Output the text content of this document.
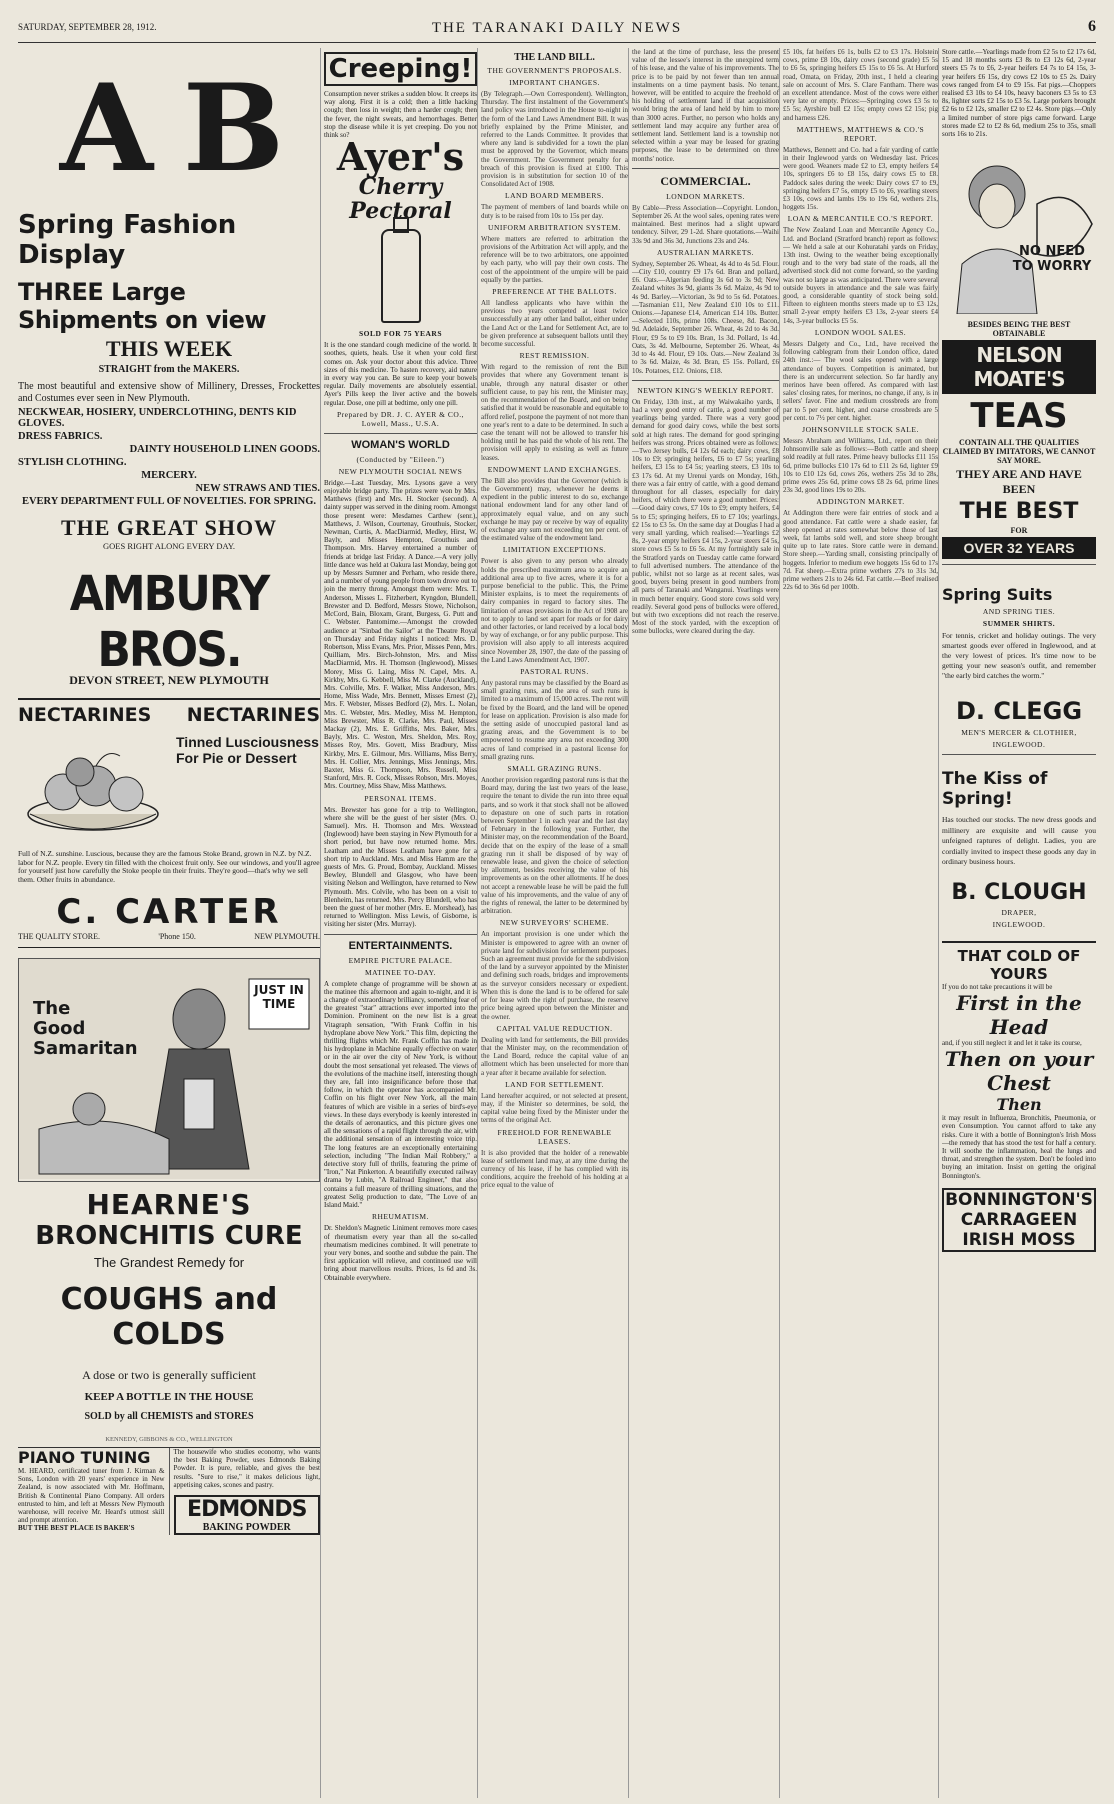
SATURDAY, SEPTEMBER 28, 1912.	THE TARANAKI DAILY NEWS	6
A B
Spring Fashion Display
THREE Large Shipments on view
THIS WEEK
STRAIGHT from the MAKERS.
The most beautiful and extensive show of Millinery, Dresses, Frockettes and Costumes ever seen in New Plymouth.
NECKWEAR, HOSIERY, UNDERCLOTHING, DENTS KID GLOVES.
DRESS FABRICS.
DAINTY HOUSEHOLD LINEN GOODS.
STYLISH CLOTHING.
MERCERY.
NEW STRAWS AND TIES.
EVERY DEPARTMENT FULL OF NOVELTIES. FOR SPRING.
THE GREAT SHOW
GOES RIGHT ALONG EVERY DAY.
AMBURY BROS.
DEVON STREET, NEW PLYMOUTH
NECTARINES NECTARINES
Tinned Lusciousness For Pie or Dessert
Full of N.Z. sunshine. Luscious, because they are the famous Stoke Brand, grown in N.Z. by N.Z. labor for N.Z. people. Every tin filled with the choicest fruit only. See our windows, and you'll agree for yourself just how carefully the Stoke people tin their fruits. They're good—that's why we sell them. Other fruits in abundance.
C. CARTER
THE QUALITY STORE.	'Phone 150.	NEW PLYMOUTH.
The Good Samaritan
JUST IN TIME
HEARNE'S
BRONCHITIS CURE
The Grandest Remedy for
COUGHS and COLDS
A dose or two is generally sufficient
KEEP A BOTTLE IN THE HOUSE
SOLD by all CHEMISTS and STORES
KENNEDY, GIBBONS & CO., WELLINGTON
PIANO TUNING
M. HEARD, certificated tuner from J. Kirman & Sons, London with 20 years' experience in New Zealand, is now associated with Mr. Hoffmann, British & Continental Piano Company. All orders entrusted to him, and left at Messrs New Plymouth warehouse, will receive Mr. Heard's utmost skill and prompt attention.
BUT THE BEST PLACE IS BAKER'S
The housewife who studies economy, who wants the best Baking Powder, uses Edmonds Baking Powder. It is pure, reliable, and gives the best results. "Sure to rise," it makes delicious light, appetising cakes, scones and pastry.
EDMONDS
BAKING POWDER
Creeping!
Consumption never strikes a sudden blow. It creeps its way along. First it is a cold; then a little hacking cough; then loss in weight; then a harder cough; then the fever, the night sweats, and hemorrhages. Better stop the disease while it is yet creeping. Do you not think so?
Ayer's
Cherry Pectoral
SOLD FOR 75 YEARS
It is the one standard cough medicine of the world. It soothes, quiets, heals. Use it when your cold first comes on. Ask your doctor about this advice. Three sizes of this medicine. To hasten recovery, aid nature in every way you can. Be sure to keep your bowels regular. Daily movements are absolutely essential. Ayer's Pills keep the liver active and the bowels regular. Dose, one pill at bedtime, only one pill.
Prepared by DR. J. C. AYER & CO., Lowell, Mass., U.S.A.
WOMAN'S WORLD
(Conducted by "Eileen.")
NEW PLYMOUTH SOCIAL NEWS
Bridge.—Last Tuesday, Mrs. Lysons gave a very enjoyable bridge party. The prizes were won by Mrs. Matthews (first) and Mrs. H. Stocker (second). A dainty supper was served in the dining room. Amongst those present were: Mesdames Carthew (senr.), Matthews, J. Wilson, Courtenay, Grouthuis, Stocker, Newman, Curtis, A. MacDiarmid, Medley, Hirst, W. Bayly, and Misses Hempton, Grouthuis and Thompson. Mrs. Harvey entertained a number of friends at bridge last Friday. A Dance.—A very jolly little dance was held at Oakura last Monday, being got up by Messrs Sumner and Perham, who reside there, and a number of young people from town drove out to join the merry throng. Amongst them were: Mrs. T. Anderson, Misses L. Fitzherbert, Kyngdon, Blundell, Brewster and D. Bedford, Messrs Stowe, Nicholson, McCord, Bain, Bloxam, Grant, Burgess, G. Putt and C. Webster. Pantomime.—Amongst the crowded audience at "Sinbad the Sailor" at the Theatre Royal on Thursday and Friday nights I noticed: Mrs. D. Robertson, Miss Evans, Mrs. Prior, Misses Penn, Mrs. Quilliam, Mrs. Birch-Johnston, Mrs. and Miss MacDiarmid, Mrs. H. Thomson (Inglewood), Misses Morey, Miss G. Laing, Miss N. Capel, Mrs. A. Kirkby, Mrs. G. Kebbell, Miss M. Clarke (Auckland), Mrs. Colville, Mrs. F. Walker, Miss Anderson, Mrs. Home, Miss Wade, Mrs. Bennett, Misses Ernest (2), Mrs. F. Webster, Misses Bedford (2), Mrs. L. Nolan, Mrs. C. Webster, Mrs. Medley, Miss M. Hempton, Miss Brewster, Miss R. Clarke, Mrs. Paul, Misses Mackay (2), Mrs. E. Griffiths, Mrs. Baker, Mrs. Bayly, Mrs. C. Weston, Mrs. Sheldon, Mrs. Roy, Misses Roy, Mrs. Govett, Miss Bradbury, Miss Kirkby, Mrs. E. Gilmour, Mrs. Williams, Miss Berry, Mrs. H. Collier, Mrs. Jennings, Miss Jennings, Mrs. Baxter, Miss G. Thompson, Mrs. Russell, Miss Stanford, Mrs. R. Cock, Misses Robson, Mrs. Moyes, Mrs. Courtney, Miss Shaw, Miss Matthews.
PERSONAL ITEMS.
Mrs. Brewster has gone for a trip to Wellington, where she will be the guest of her sister (Mrs. O. Samuel). Mrs. H. Thomson and Mrs. Wexstead (Inglewood) have been staying in New Plymouth for a short period, but have now returned home. Mrs. Leatham and the Misses Leatham have gone for a short trip to Auckland. Mrs. and Miss Hamm are the guests of Mrs. G. Proud, Bombay, Auckland. Misses Bewley, Blundell and Glasgow, who have been visiting Nelson and Wellington, have returned to New Plymouth. Mrs. Colvile, who has been on a visit to Blenheim, has returned. Mrs. Percy Blundell, who has been the guest of her mother (Mrs. E. Morshead), has returned to Wellington. Miss Lewis, of Gisborne, is visiting her sister (Mrs. Murray).
ENTERTAINMENTS.
EMPIRE PICTURE PALACE.
MATINEE TO-DAY.
A complete change of programme will be shown at the matinee this afternoon and again to-night, and it is a change of extraordinary brilliancy, something fear of the greatest "star" attractions ever imported into the Dominion. Prominent on the new list is a great Vitagraph sensation, "With Frank Coffin in his hydroplane above New York." This film, depicting the thrilling flights which Mr. Frank Coffin has made in his hydroplane in Machine equally effective on water or in the air over the city of New York, is without doubt the most sensational yet released. The views of the evolutions of the machine itself, interesting though they are, fall into insignificance before those that follow, in which the operator has accompanied Mr. Coffin on his flight over New York, all the main features of which are visible in a series of bird's-eye views. In these days everybody is keenly interested in the details of aeronautics, and this picture gives one all the sensations of a rapid flight through the air, with the additional sensation of an interesting voice trip. The long features are an exceptionally entertaining selection, including "The Indian Mail Robbery," a detective story full of thrills, featuring the prime of "Iron," Nat Pinkerton. A beautifully executed railway drama by Lubin, "A Railroad Engineer," that also contains a full measure of thrilling situations, and the greatest Selig production to date, "The Love of an Island Maid."
RHEUMATISM.
Dr. Sheldon's Magnetic Liniment removes more cases of rheumatism every year than all the so-called rheumatism medicines combined. It will penetrate to your very bones, and soothe and subdue the pain. The first application will relieve, and continued use will bring about marvellous results. Prices, 1s 6d and 3s. Obtainable everywhere.
THE LAND BILL.
THE GOVERNMENT'S PROPOSALS.
IMPORTANT CHANGES.
(By Telegraph.—Own Correspondent). Wellington, Thursday. The first instalment of the Government's land policy was introduced in the House to-night in the form of the Land Laws Amendment Bill. It was briefly explained by the Prime Minister, and referred to the Lands Committee. It provides that where any land is subdivided for a town the plan must be approved by the Governor, which means the Government. The Government penalty for a breach of this provision is fixed at £100. This provision is in substitution for section 10 of the Consolidated Act of 1908.
LAND BOARD MEMBERS.
The payment of members of land boards while on duty is to be raised from 10s to 15s per day.
UNIFORM ARBITRATION SYSTEM.
Where matters are referred to arbitration the provisions of the Arbitration Act will apply, and the reference will be to two arbitrators, one appointed by each party, who will pay their own costs. The cost of the appointment of the umpire will be paid equally by the parties.
PREFERENCE AT THE BALLOTS.
All landless applicants who have within the previous two years competed at least twice unsuccessfully at any other land ballot, either under the Land Act or the Land for Settlement Act, are to be given preference at subsequent ballots until they become successful.
REST REMISSION.
With regard to the remission of rent the Bill provides that where any Government tenant is unable, through any natural disaster or other sufficient cause, to pay his rent, the Minister may, on the recommendation of the Board, and on being satisfied that it would be reasonable and equitable to afford relief, postpone the payment of not more than one year's rent to a date to be determined. In such a case the tenant will not be allowed to transfer his holding until he has paid the whole of his rent. The provision will apply to existing as well as future leases.
ENDOWMENT LAND EXCHANGES.
The Bill also provides that the Governor (which is the Government) may, whenever he deems it expedient in the public interest to do so, exchange national endowment land for any other land of approximately equal value, and on any such exchange he may pay or receive by way of equality of exchange any sum not exceeding ten per cent. of the estimated value of the endowment land.
LIMITATION EXCEPTIONS.
Power is also given to any person who already holds the prescribed maximum area to acquire an additional area up to five acres, where it is for a purpose beneficial to the public. This, the Prime Minister explains, is to meet the requirements of dairy companies in regard to factory sites. The limitation of areas provisions in the Act of 1908 are not to apply to land set apart for roads or for dairy and other factories, or land received by a local body by way of exchange, or for any public purpose. This provision will also apply to all interests acquired since November 28, 1907, the date of the passing of the Land Laws Amendment Act, 1907.
PASTORAL RUNS.
Any pastoral runs may be classified by the Board as small grazing runs, and the area of such runs is limited to a maximum of 15,000 acres. The rent will be fixed by the Board, and the land will be opened for lease on application. Provision is also made for the setting aside of unoccupied pastoral land as grazing areas, and the Government is to be empowered to resume any area not exceeding 300 acres of land comprised in a pastoral license for small grazing runs.
SMALL GRAZING RUNS.
Another provision regarding pastoral runs is that the Board may, during the last two years of the lease, require the tenant to divide the run into three equal parts, and so work it that stock shall not be allowed to depasture on one of such parts in rotation between September 1 in each year and the last day of February in the following year. Further, the Minister may, on the recommendation of the Board, decide that on the expiry of the lease of a small grazing run it shall be disposed of by way of renewable lease, and given the choice of selection by allotment, besides receiving the value of his improvements as on the other allotments. If he does not accept a renewable lease he will be paid the full value of his improvements, and the value of any of the rights of renewal, the latter to be determined by arbitration.
NEW SURVEYORS' SCHEME.
An important provision is one under which the Minister is empowered to agree with an owner of private land for subdivision for settlement purposes. Such an agreement must provide for the subdivision of the land by a surveyor appointed by the Minister and defining such roads, bridges and improvements as the surveyor considers necessary or expedient. When this is done the land is to be offered for sale or for lease with the right of purchase, the reserve price being agreed upon between the Minister and the owner.
CAPITAL VALUE REDUCTION.
Dealing with land for settlements, the Bill provides that the Minister may, on the recommendation of the Land Board, reduce the capital value of an allotment which has been unselected for more than a year after it became available for selection.
LAND FOR SETTLEMENT.
Land hereafter acquired, or not selected at present, may, if the Minister so determines, be sold, the capital value being fixed by the Minister under the terms of the original Act.
FREEHOLD FOR RENEWABLE LEASES.
It is also provided that the holder of a renewable lease of settlement land may, at any time during the currency of his lease, if he has complied with its conditions, acquire the freehold of his holding at a price equal to the value of
the land at the time of purchase, less the present value of the lessee's interest in the unexpired term of his lease, and the value of his improvements. The price is to be paid by not fewer than ten annual instalments on a time payment basis. No tenant, however, will be entitled to acquire the freehold of his holding of settlement land if that acquisition would bring the area of land held by him to more than 3000 acres. Further, no person who holds any settlement land may acquire any further area of settlement land. Settlement land is a township not selected within a year may be leased for grazing purposes, the lease to be determined on three months' notice.
COMMERCIAL.
LONDON MARKETS.
By Cable—Press Association—Copyright. London, September 26. At the wool sales, opening rates were maintained. Best merinos had a slight upward tendency. Silver, 29 1-2d. Share quotations.—Waihi 33s 9d and 36s 3d, Junctions 23s and 24s.
AUSTRALIAN MARKETS.
Sydney, September 26. Wheat, 4s 4d to 4s 5d. Flour.—City £10, country £9 17s 6d. Bran and pollard, £6. Oats.—Algerian feeding 3s 6d to 3s 9d; New Zealand whites 3s 9d, giants 3s 6d. Maize, 4s 9d to 4s 9d. Barley.—Victorian, 3s 9d to 5s 6d. Potatoes.—Tasmanian £11, New Zealand £10 10s to £11. Onions.—Japanese £14, American £14 10s. Butter.—Selected 110s, prime 108s. Cheese, 8d. Bacon, 9d. Adelaide, September 26. Wheat, 4s 2d to 4s 3d. Flour, £9 5s to £9 10s. Bran, 1s 3d. Pollard, 1s 4d. Oats, 3s 4d. Melbourne, September 26. Wheat, 4s 3d to 4s 4d. Flour, £9 10s. Oats.—New Zealand 3s to 3s 6d. Maize, 4s 3d. Bran, £5 15s. Pollard, £6 10s. Potatoes, £12. Onions, £18.
NEWTON KING'S WEEKLY REPORT.
On Friday, 13th inst., at my Waiwakaiho yards, I had a very good entry of cattle, a good number of yearlings being yarded. There was a very good demand for good dairy cows, while the best sorts sold at high rates. The demand for good springing heifers was strong. Prices obtained were as follows:—Two Jersey bulls, £4 12s 6d each; dairy cows, £8 10s to £9; springing heifers, £6 to £7 5s; yearling heifers, £3 15s to £4 5s; yearling steers, £3 10s to £3 17s 6d. At my Urenui yards on Monday, 16th, there was a fair entry of cattle, with a good demand throughout for all classes, especially for dairy heifers, of which there were a good number. Prices:—Good dairy cows, £7 10s to £9; empty heifers, £4 5s to £5; springing heifers, £6 to £7 10s; yearlings, £2 15s to £3 5s. On the same day at Douglas I had a very small yarding, which realised:—Yearlings £2 8s, 2-year empty heifers £4 15s, 2-year steers £4 5s, store cows £5 5s to £6 5s. At my fortnightly sale in the Stratford yards on Tuesday cattle came forward to full advertised numbers. The attendance of the public, whilst not so large as at recent sales, was good, buyers being present in good numbers from all parts of Taranaki and Wanganui. Yearlings were in much better enquiry. Good store cows sold very readily. Several good pens of bullocks were offered, but with two exceptions did not reach the reserve. Most of the stock yarded, with the exception of some bullocks, were cleared during the day.
£5 10s, fat heifers £6 1s, bulls £2 to £3 17s. Holstein cows, prime £8 10s, dairy cows (second grade) £5 5s to £6 5s, springing heifers £5 15s to £6 5s. At Hurford road, Omata, on Friday, 20th inst., I held a clearing sale on account of Mrs. S. Clare Fantham. There was an excellent attendance. Most of the cows were either very late or empty. Prices:—Springing cows £3 5s to £5 5s; Ayrshire bull £2 15s; empty cows £2 15s; pig and harness £26.
MATTHEWS, MATTHEWS & CO.'S REPORT.
Matthews, Bennett and Co. had a fair yarding of cattle in their Inglewood yards on Wednesday last. Prices were good. Weaners made £2 to £3, empty heifers £4 10s, springers £6 to £8 15s, dairy cows £5 to £8. Paddock sales during the week: Dairy cows £7 to £9, springing heifers £7 5s, empty £5 to £6, yearling steers £3 10s, cows and lambs 19s to 19s 6d, wethers 21s, hoggets 15s.
LOAN & MERCANTILE CO.'S REPORT.
The New Zealand Loan and Mercantile Agency Co., Ltd. and Bocland (Stratford branch) report as follows:— We held a sale at our Kohuratahi yards on Friday, 13th inst. Owing to the weather being exceptionally rough and to the very bad state of the roads, all the advertised stock did not come forward, so the yarding was not so large as was anticipated. There were several outside buyers in attendance and the sale was fairly good, a considerable quantity of stock being sold. Fifteen to eighteen months steers made up to £3 12s, small 2-year empty heifers £3 13s, 2-year steers £4 14s, 3-year bullocks £5 5s.
LONDON WOOL SALES.
Messrs Dalgety and Co., Ltd., have received the following cablegram from their London office, dated 24th inst.:— The wool sales opened with a large attendance of buyers. Competition is animated, but there is an undercurrent selection. So far hardly any merinos have been offered. As compared with last sales' closing rates, for merinos, no change, if any, is in sellers' favor. Fine and medium crossbreds are from par to 5 per cent. higher, and coarse crossbreds are 5 per cent. to 7½ per cent. higher.
JOHNSONVILLE STOCK SALE.
Messrs Abraham and Williams, Ltd., report on their Johnsonville sale as follows:—Both cattle and sheep sold readily at full rates. Prime heavy bullocks £11 15s 6d, prime bullocks £10 17s 6d to £11 2s 6d, lighter £9 10s to £10 12s 6d, cows 26s, wethers 25s 3d to 28s, prime ewes 25s 6d, prime cows £8 2s 6d, prime lines 23s 3d, good lines 19s to 20s.
ADDINGTON MARKET.
At Addington there were fair entries of stock and a good attendance. Fat cattle were a shade easier, fat sheep opened at rates somewhat below those of last week, fat lambs sold well, and store sheep brought quite up to late rates. Store cattle were in demand. Store sheep.—Yarding small, consisting principally of hoggets. Inferior to medium ewe hoggets 15s 6d to 17s 7d. Fat sheep.—Extra prime wethers 27s to 31s 3d, prime wethers 21s to 24s 6d. Fat cattle.—Beef realised 22s 6d to 36s 6d per 100lb.
Store cattle.—Yearlings made from £2 5s to £2 17s 6d, 15 and 18 months sorts £3 8s to £3 12s 6d, 2-year steers £5 7s to £6, 2-year heifers £4 7s to £4 15s, 3-year heifers £6 15s, dry cows £2 10s to £5 2s. Dairy cows ranged from £4 to £9 15s. Fat pigs.—Choppers realised £3 10s to £4 10s, heavy baconers £3 5s to £3 8s, lighter sorts £2 15s to £3 5s. Large porkers brought £2 6s to £2 12s, smaller £2 to £2 4s. Store pigs.—Only a limited number of store pigs came forward. Large stores made £2 to £2 8s 6d, medium 25s to 35s, small sorts 16s to 21s.
NO NEED TO WORRY
BESIDES BEING THE BEST OBTAINABLE
NELSON MOATE'S
TEAS
CONTAIN ALL THE QUALITIES CLAIMED BY IMITATORS, WE CANNOT SAY MORE.
THEY ARE AND HAVE BEEN
THE BEST
FOR
OVER 32 YEARS
Spring Suits
AND SPRING TIES.
SUMMER SHIRTS.
For tennis, cricket and holiday outings. The very smartest goods ever offered in Inglewood, and at the very lowest of prices. It's time now to be getting your new season's outfit, and remember "the early bird catches the worm."
D. CLEGG
MEN'S MERCER & CLOTHIER,
INGLEWOOD.
The Kiss of Spring!
Has touched our stocks. The new dress goods and millinery are exquisite and will cause you unfeigned raptures of delight. Ladies, you are cordially invited to inspect these goods any day in ordinary business hours.
B. CLOUGH
DRAPER,
INGLEWOOD.
THAT COLD OF YOURS
If you do not take precautions it will be
First in the Head
and, if you still neglect it and let it take its course,
Then on your Chest
Then
it may result in Influenza, Bronchitis, Pneumonia, or even Consumption. You cannot afford to take any risks. Cure it with a bottle of Bonnington's Irish Moss—the remedy that has stood the test for half a century. It will soothe the inflammation, heal the lungs and throat, and strengthen the system. Don't be fooled into buying an imitation. Insist on getting the original Bonnington's.
BONNINGTON'S CARRAGEEN IRISH MOSS
